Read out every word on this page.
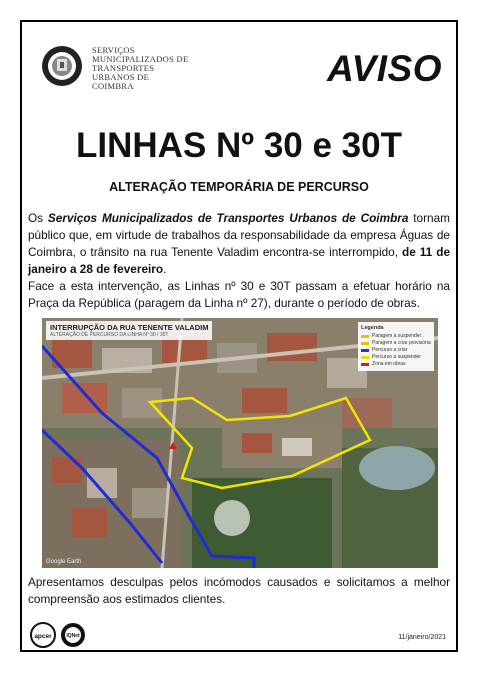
SERVIÇOS
MUNICIPALIZADOS DE
TRANSPORTES
URBANOS DE
COIMBRA	AVISO
LINHAS Nº 30 e 30T
ALTERAÇÃO TEMPORÁRIA DE PERCURSO
Os Serviços Municipalizados de Transportes Urbanos de Coimbra tornam público que, em virtude de trabalhos da responsabilidade da empresa Águas de Coimbra, o trânsito na rua Tenente Valadim encontra-se interrompido, de 11 de janeiro a 28 de fevereiro.
Face a esta intervenção, as Linhas nº 30 e 30T passam a efetuar horário na Praça da República (paragem da Linha nº 27), durante o período de obras.
INTERRUPÇÃO DA RUA TENENTE VALADIM
ALTERAÇÃO DE PERCURSO DA LINHA Nº 30 / 30T
Legenda
Paragem a suspender
Paragem a criar provisória
Percurso a criar
Percurso a suspender
Zona em obras
Google Earth
Apresentamos desculpas pelos incómodos causados e solicitamos a melhor compreensão aos estimados clientes.
apcer	IQNet	11/janeiro/2021
